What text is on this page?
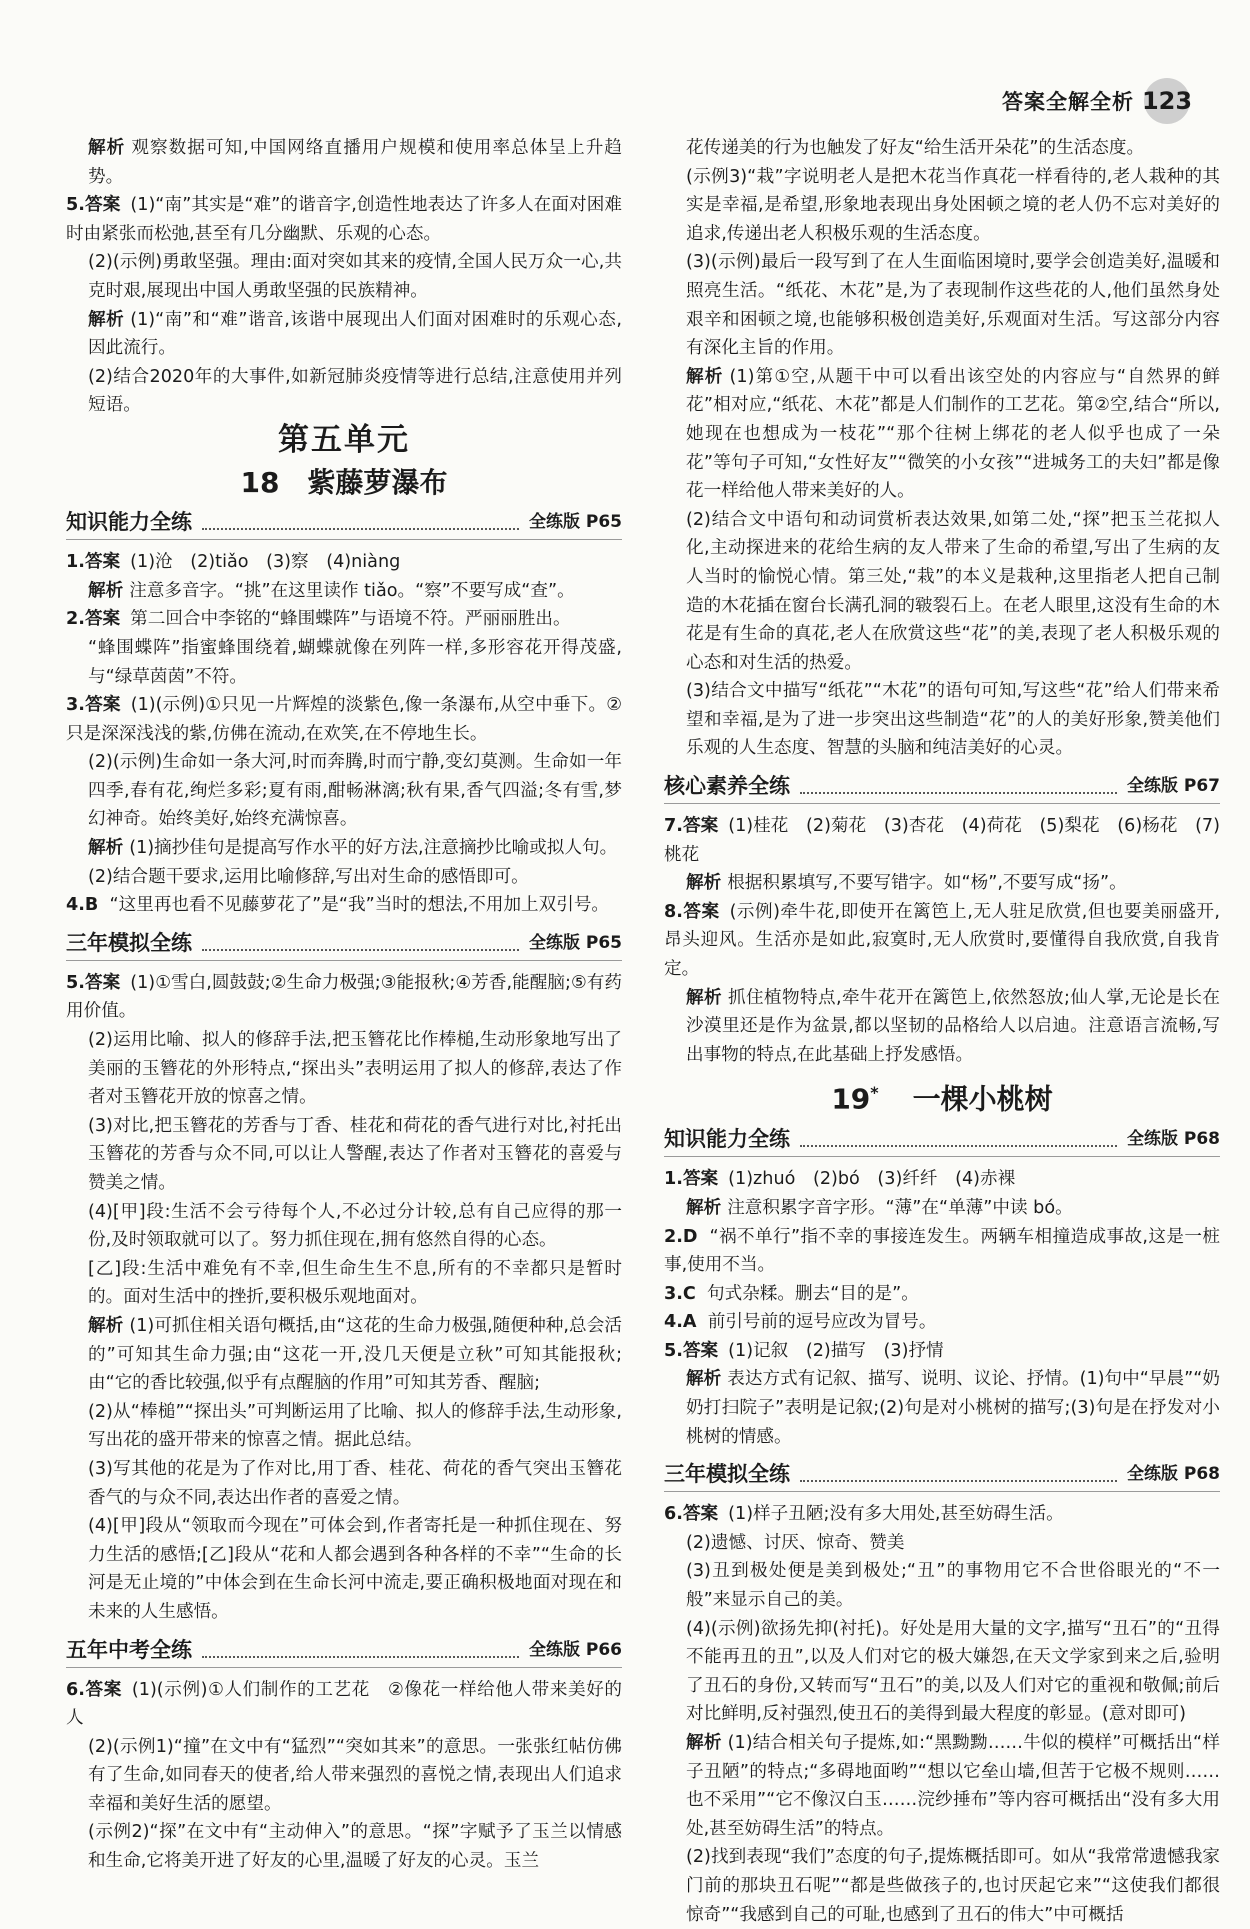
答案全解全析 123

解析 观察数据可知,中国网络直播用户规模和使用率总体呈上升趋势。

5.答案 (1)“南”其实是“难”的谐音字,创造性地表达了许多人在面对困难时由紧张而松弛,甚至有几分幽默、乐观的心态。

(2)(示例)勇敢坚强。理由:面对突如其来的疫情,全国人民万众一心,共克时艰,展现出中国人勇敢坚强的民族精神。

解析 (1)“南”和“难”谐音,该谐中展现出人们面对困难时的乐观心态,因此流行。

(2)结合2020年的大事件,如新冠肺炎疫情等进行总结,注意使用并列短语。

第五单元
18　紫藤萝瀑布
知识能力全练	全练版 P65

1.答案 (1)沧　(2)tiǎo　(3)察　(4)niàng

解析 注意多音字。“挑”在这里读作 tiǎo。“察”不要写成“查”。

2.答案 第二回合中李铭的“蜂围蝶阵”与语境不符。严丽丽胜出。

“蜂围蝶阵”指蜜蜂围绕着,蝴蝶就像在列阵一样,多形容花开得茂盛,与“绿草茵茵”不符。

3.答案 (1)(示例)①只见一片辉煌的淡紫色,像一条瀑布,从空中垂下。②只是深深浅浅的紫,仿佛在流动,在欢笑,在不停地生长。

(2)(示例)生命如一条大河,时而奔腾,时而宁静,变幻莫测。生命如一年四季,春有花,绚烂多彩;夏有雨,酣畅淋漓;秋有果,香气四溢;冬有雪,梦幻神奇。始终美好,始终充满惊喜。

解析 (1)摘抄佳句是提高写作水平的好方法,注意摘抄比喻或拟人句。

(2)结合题干要求,运用比喻修辞,写出对生命的感悟即可。

4.B “这里再也看不见藤萝花了”是“我”当时的想法,不用加上双引号。

三年模拟全练	全练版 P65

5.答案 (1)①雪白,圆鼓鼓;②生命力极强;③能报秋;④芳香,能醒脑;⑤有药用价值。

(2)运用比喻、拟人的修辞手法,把玉簪花比作棒槌,生动形象地写出了美丽的玉簪花的外形特点,“探出头”表明运用了拟人的修辞,表达了作者对玉簪花开放的惊喜之情。

(3)对比,把玉簪花的芳香与丁香、桂花和荷花的香气进行对比,衬托出玉簪花的芳香与众不同,可以让人警醒,表达了作者对玉簪花的喜爱与赞美之情。

(4)[甲]段:生活不会亏待每个人,不必过分计较,总有自己应得的那一份,及时领取就可以了。努力抓住现在,拥有悠然自得的心态。

[乙]段:生活中难免有不幸,但生命生生不息,所有的不幸都只是暂时的。面对生活中的挫折,要积极乐观地面对。

解析 (1)可抓住相关语句概括,由“这花的生命力极强,随便种种,总会活的”可知其生命力强;由“这花一开,没几天便是立秋”可知其能报秋;由“它的香比较强,似乎有点醒脑的作用”可知其芳香、醒脑;

(2)从“棒槌”“探出头”可判断运用了比喻、拟人的修辞手法,生动形象,写出花的盛开带来的惊喜之情。据此总结。

(3)写其他的花是为了作对比,用丁香、桂花、荷花的香气突出玉簪花香气的与众不同,表达出作者的喜爱之情。

(4)[甲]段从“领取而今现在”可体会到,作者寄托是一种抓住现在、努力生活的感悟;[乙]段从“花和人都会遇到各种各样的不幸”“生命的长河是无止境的”中体会到在生命长河中流走,要正确积极地面对现在和未来的人生感悟。

五年中考全练	全练版 P66

6.答案 (1)(示例)①人们制作的工艺花　②像花一样给他人带来美好的人

(2)(示例1)“撞”在文中有“猛烈”“突如其来”的意思。一张张红帖仿佛有了生命,如同春天的使者,给人带来强烈的喜悦之情,表现出人们追求幸福和美好生活的愿望。

(示例2)“探”在文中有“主动伸入”的意思。“探”字赋予了玉兰以情感和生命,它将美开进了好友的心里,温暖了好友的心灵。玉兰

花传递美的行为也触发了好友“给生活开朵花”的生活态度。

(示例3)“栽”字说明老人是把木花当作真花一样看待的,老人栽种的其实是幸福,是希望,形象地表现出身处困顿之境的老人仍不忘对美好的追求,传递出老人积极乐观的生活态度。

(3)(示例)最后一段写到了在人生面临困境时,要学会创造美好,温暖和照亮生活。“纸花、木花”是,为了表现制作这些花的人,他们虽然身处艰辛和困顿之境,也能够积极创造美好,乐观面对生活。写这部分内容有深化主旨的作用。

解析 (1)第①空,从题干中可以看出该空处的内容应与“自然界的鲜花”相对应,“纸花、木花”都是人们制作的工艺花。第②空,结合“所以,她现在也想成为一枝花”“那个往树上绑花的老人似乎也成了一朵花”等句子可知,“女性好友”“微笑的小女孩”“进城务工的夫妇”都是像花一样给他人带来美好的人。

(2)结合文中语句和动词赏析表达效果,如第二处,“探”把玉兰花拟人化,主动探进来的花给生病的友人带来了生命的希望,写出了生病的友人当时的愉悦心情。第三处,“栽”的本义是栽种,这里指老人把自己制造的木花插在窗台长满孔洞的皲裂石上。在老人眼里,这没有生命的木花是有生命的真花,老人在欣赏这些“花”的美,表现了老人积极乐观的心态和对生活的热爱。

(3)结合文中描写“纸花”“木花”的语句可知,写这些“花”给人们带来希望和幸福,是为了进一步突出这些制造“花”的人的美好形象,赞美他们乐观的人生态度、智慧的头脑和纯洁美好的心灵。

核心素养全练	全练版 P67

7.答案 (1)桂花　(2)菊花　(3)杏花　(4)荷花　(5)梨花　(6)杨花　(7)桃花

解析 根据积累填写,不要写错字。如“杨”,不要写成“扬”。

8.答案 (示例)牵牛花,即使开在篱笆上,无人驻足欣赏,但也要美丽盛开,昂头迎风。生活亦是如此,寂寞时,无人欣赏时,要懂得自我欣赏,自我肯定。

解析 抓住植物特点,牵牛花开在篱笆上,依然怒放;仙人掌,无论是长在沙漠里还是作为盆景,都以坚韧的品格给人以启迪。注意语言流畅,写出事物的特点,在此基础上抒发感悟。

19* 一棵小桃树
知识能力全练	全练版 P68

1.答案 (1)zhuó　(2)bó　(3)纤纤　(4)赤裸

解析 注意积累字音字形。“薄”在“单薄”中读 bó。

2.D “祸不单行”指不幸的事接连发生。两辆车相撞造成事故,这是一桩事,使用不当。

3.C 句式杂糅。删去“目的是”。

4.A 前引号前的逗号应改为冒号。

5.答案 (1)记叙　(2)描写　(3)抒情

解析 表达方式有记叙、描写、说明、议论、抒情。(1)句中“早晨”“奶奶打扫院子”表明是记叙;(2)句是对小桃树的描写;(3)句是在抒发对小桃树的情感。

三年模拟全练	全练版 P68

6.答案 (1)样子丑陋;没有多大用处,甚至妨碍生活。

(2)遗憾、讨厌、惊奇、赞美

(3)丑到极处便是美到极处;“丑”的事物用它不合世俗眼光的“不一般”来显示自己的美。

(4)(示例)欲扬先抑(衬托)。好处是用大量的文字,描写“丑石”的“丑得不能再丑的丑”,以及人们对它的极大嫌怨,在天文学家到来之后,验明了丑石的身份,又转而写“丑石”的美,以及人们对它的重视和敬佩;前后对比鲜明,反衬强烈,使丑石的美得到最大程度的彰显。(意对即可)

解析 (1)结合相关句子提炼,如:“黑黝黝……牛似的模样”可概括出“样子丑陋”的特点;“多碍地面哟”“想以它垒山墙,但苦于它极不规则……也不采用”“它不像汉白玉……浣纱捶布”等内容可概括出“没有多大用处,甚至妨碍生活”的特点。

(2)找到表现“我们”态度的句子,提炼概括即可。如从“我常常遗憾我家门前的那块丑石呢”“都是些做孩子的,也讨厌起它来”“这使我们都很惊奇”“我感到自己的可耻,也感到了丑石的伟大”中可概括
